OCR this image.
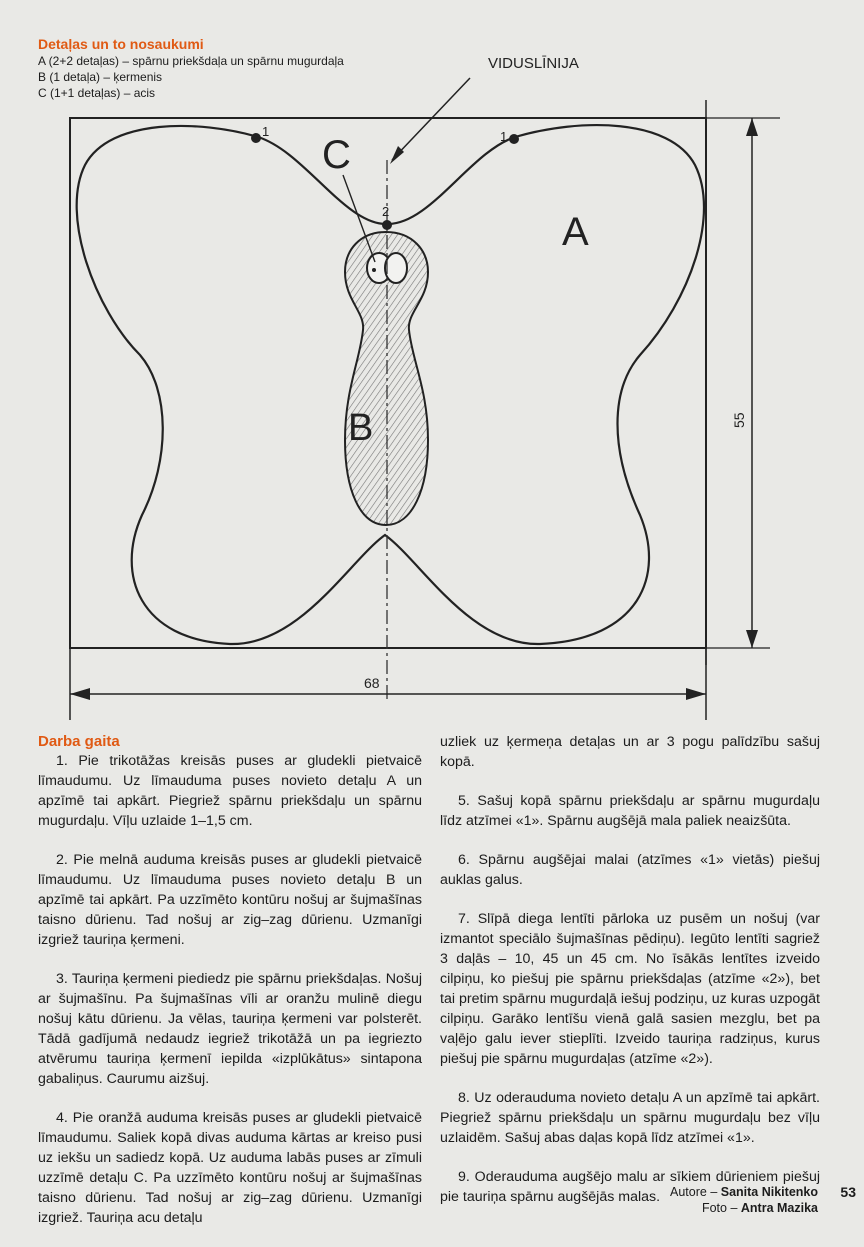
Detaļas un to nosaukumi
A (2+2 detaļas) – spārnu priekšdaļa un spārnu mugurdaļa
B (1 detaļa) – ķermenis
C (1+1 detaļas) – acis
VIDUSLĪNIJA
A
B
C
1	1
2
68
55
Darba gaita

1. Pie trikotāžas kreisās puses ar gludekli pietvaicē līmaudumu. Uz līmauduma puses novieto detaļu A un apzīmē tai apkārt. Piegriež spārnu priekšdaļu un spārnu mugurdaļu. Vīļu uzlaide 1–1,5 cm.

2. Pie melnā auduma kreisās puses ar gludekli pietvaicē līmaudumu. Uz līmauduma puses novieto detaļu B un apzīmē tai apkārt. Pa uzzīmēto kontūru nošuj ar šujmašīnas taisno dūrienu. Tad nošuj ar zig–zag dūrienu. Uzmanīgi izgriež tauriņa ķermeni.

3. Tauriņa ķermeni piediedz pie spārnu priekšdaļas. Nošuj ar šujmašīnu. Pa šujmašīnas vīli ar oranžu mulinē diegu nošuj kātu dūrienu. Ja vēlas, tauriņa ķermeni var polsterēt. Tādā gadījumā nedaudz iegriež trikotāžā un pa iegriezto atvērumu tauriņa ķermenī iepilda «izplūkātus» sintapona gabaliņus. Caurumu aizšuj.

4. Pie oranžā auduma kreisās puses ar gludekli pietvaicē līmaudumu. Saliek kopā divas auduma kārtas ar kreiso pusi uz iekšu un sadiedz kopā. Uz auduma labās puses ar zīmuli uzzīmē detaļu C. Pa uzzīmēto kontūru nošuj ar šujmašīnas taisno dūrienu. Tad nošuj ar zig–zag dūrienu. Uzmanīgi izgriež. Tauriņa acu detaļu

uzliek uz ķermeņa detaļas un ar 3 pogu palīdzību sašuj kopā.

5. Sašuj kopā spārnu priekšdaļu ar spārnu mugurdaļu līdz atzīmei «1». Spārnu augšējā mala paliek neaizšūta.

6. Spārnu augšējai malai (atzīmes «1» vietās) piešuj auklas galus.

7. Slīpā diega lentīti pārloka uz pusēm un nošuj (var izmantot speciālo šujmašīnas pēdiņu). Iegūto lentīti sagriež 3 daļās – 10, 45 un 45 cm. No īsākās lentītes izveido cilpiņu, ko piešuj pie spārnu priekšdaļas (atzīme «2»), bet tai pretim spārnu mugurdaļā iešuj podziņu, uz kuras uzpogāt cilpiņu. Garāko lentīšu vienā galā sasien mezglu, bet pa vaļējo galu iever stieplīti. Izveido tauriņa radziņus, kurus piešuj pie spārnu mugurdaļas (atzīme «2»).

8. Uz oderauduma novieto detaļu A un apzīmē tai apkārt. Piegriež spārnu priekšdaļu un spārnu mugurdaļu bez vīļu uzlaidēm. Sašuj abas daļas kopā līdz atzīmei «1».

9. Oderauduma augšējo malu ar sīkiem dūrieniem piešuj pie tauriņa spārnu augšējās malas. Autore – Sanita Nikitenko
Foto – Antra Mazika
53
